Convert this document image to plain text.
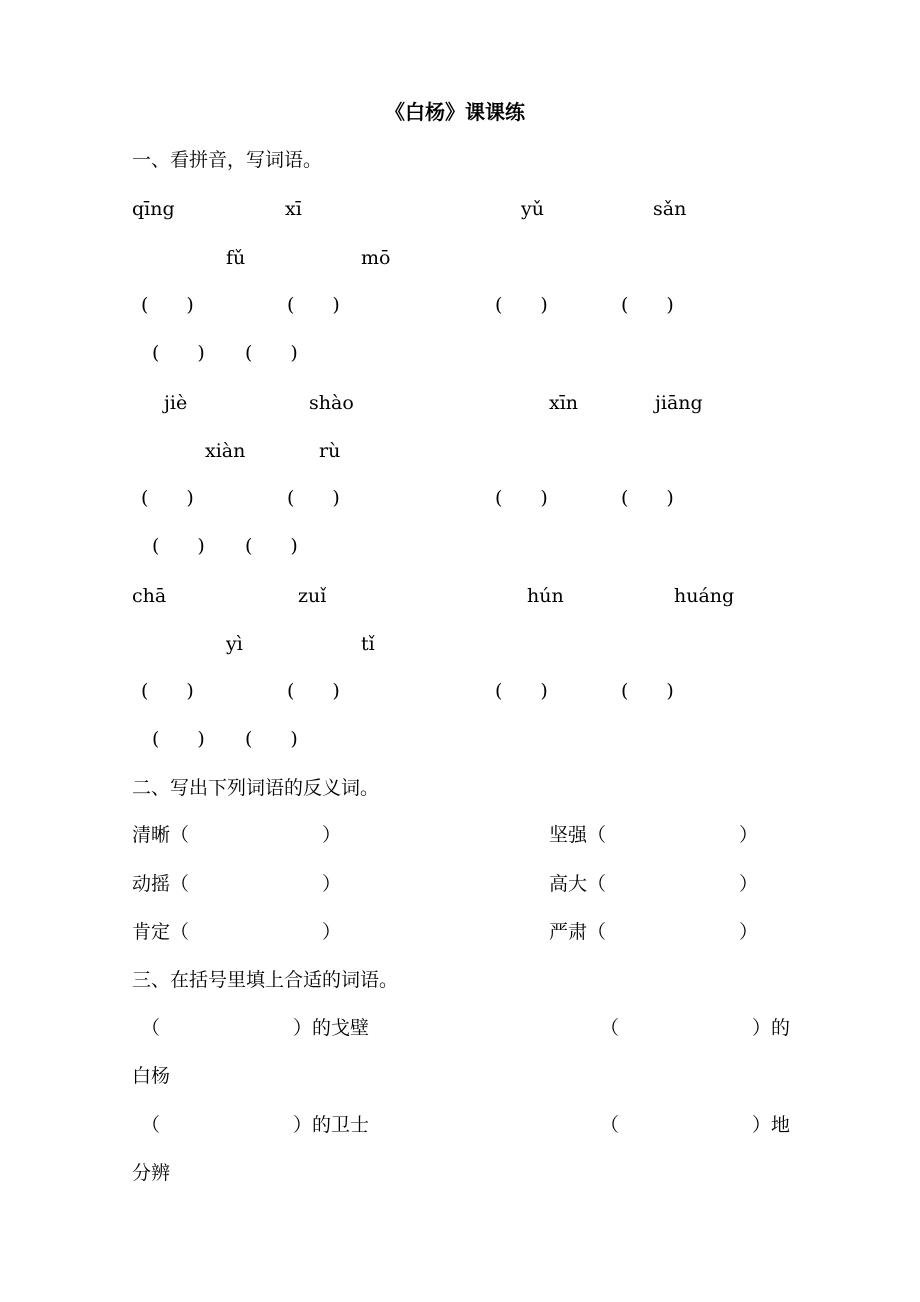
《白杨》课课练
一、看拼音，写词语。
qīng	xī	yǔ	sǎn
fǔ	mō
(　　)	(　　)	(　　)	(　　)
(　　) (　　)
jiè	shào	xīn	jiāng
xiàn	rù
(　　)	(　　)	(　　)	(　　)
(　　) (　　)
chā	zuǐ	hún	huáng
yì	tǐ
(　　)	(　　)	(　　)	(　　)
(　　) (　　)
二、写出下列词语的反义词。
清晰（　　　　　　　）	坚强（　　　　　　　）
动摇（　　　　　　　）	高大（　　　　　　　）
肯定（　　　　　　　）	严肃（　　　　　　　）
三、在括号里填上合适的词语。
（　　　　　　　）的戈壁	（　　　　　　　）的
白杨
（　　　　　　　）的卫士	（　　　　　　　）地
分辨
